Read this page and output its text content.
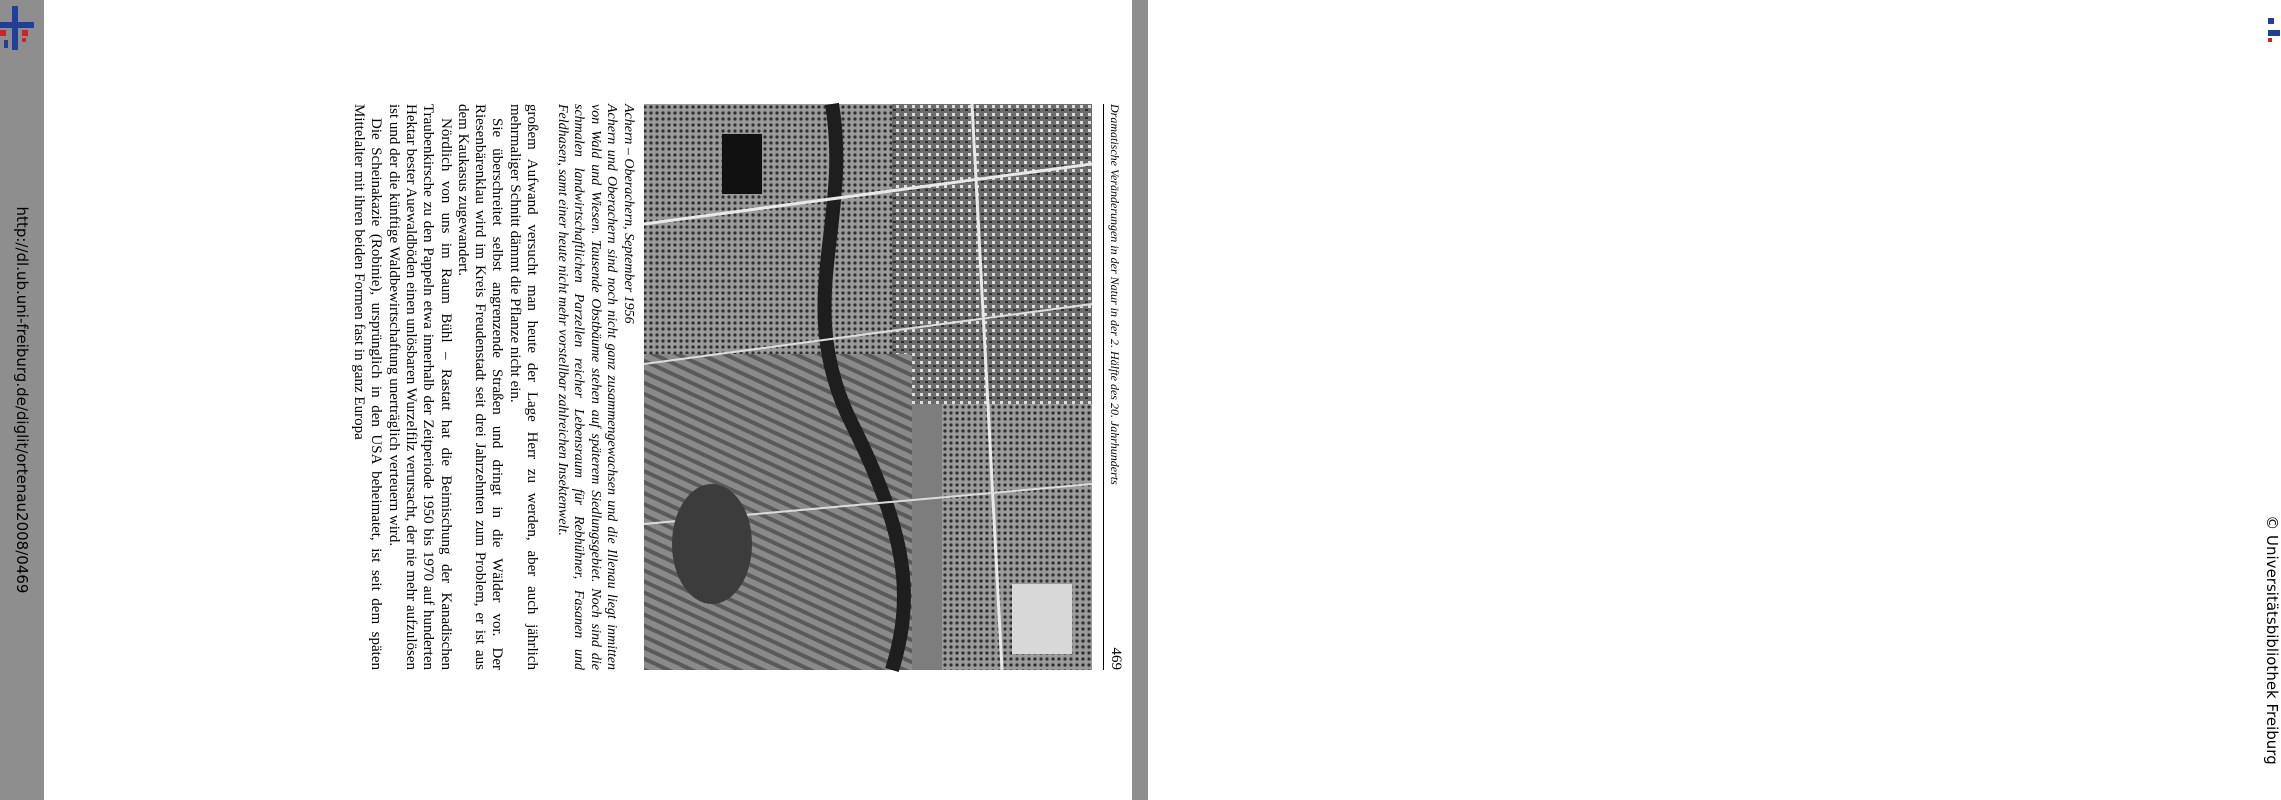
http://dl.ub.uni-freiburg.de/diglit/ortenau2008/0469
© Universitätsbibliothek Freiburg
Dramatische Veränderungen in der Natur in der 2. Hälfte des 20. Jahrhunderts
469
Achern – Oberachern, September 1956
Achern und Oberachern sind noch nicht ganz zusammengewachsen und die Illenau liegt inmitten von Wald und Wiesen. Tausende Obstbäume stehen auf späterem Siedlungsgebiet. Noch sind die schmalen landwirtschaftlichen Parzellen reicher Lebensraum für Rebhühner, Fasanen und Feldhasen, samt einer heute nicht mehr vorstellbar zahlreichen Insektenwelt.

großem Aufwand versucht man heute der Lage Herr zu werden, aber auch jährlich mehrmaliger Schnitt dämmt die Pflanze nicht ein.

Sie überschreitet selbst angrenzende Straßen und dringt in die Wälder vor. Der Riesenbärenklau wird im Kreis Freudenstadt seit drei Jahrzehnten zum Problem, er ist aus dem Kaukasus zugewandert.

Nördlich von uns im Raum Bühl – Rastatt hat die Beimischung der Kanadischen Traubenkirsche zu den Pappeln etwa innerhalb der Zeitperiode 1950 bis 1970 auf hunderten Hektar bester Auewaldböden einen unlösbaren Wurzelfilz verursacht, der nie mehr aufzulösen ist und der die künftige Waldbewirtschaftung unerträglich verteuern wird.

Die Scheinakazie (Robinie), ursprünglich in den USA beheimatet, ist seit dem späten Mittelalter mit ihren beiden Formen fast in ganz Europa
